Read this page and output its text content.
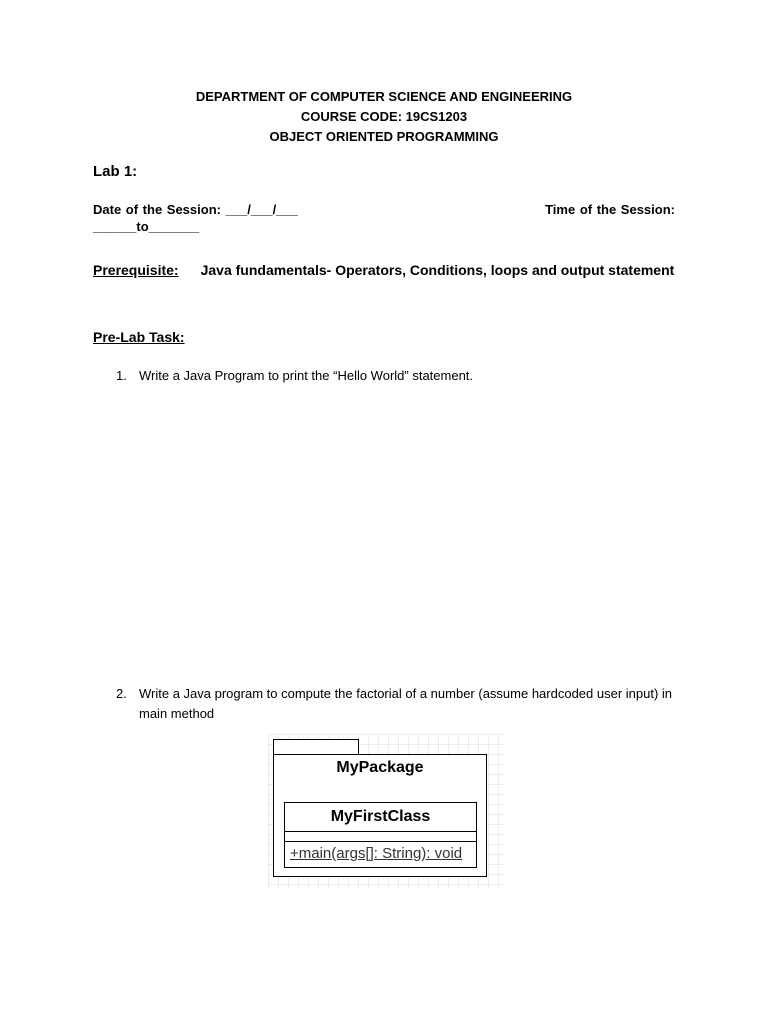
DEPARTMENT OF COMPUTER SCIENCE AND ENGINEERING
COURSE CODE: 19CS1203
OBJECT ORIENTED PROGRAMMING
Lab 1:
Date of the Session: ___/___/___	Time of the Session:
______to_______
Prerequisite: Java fundamentals- Operators, Conditions, loops and output statement
Pre-Lab Task:
1. Write a Java Program to print the “Hello World” statement.
2. Write a Java program to compute the factorial of a number (assume hardcoded user input) in main method
MyPackage
MyFirstClass
+main(args[]: String): void
